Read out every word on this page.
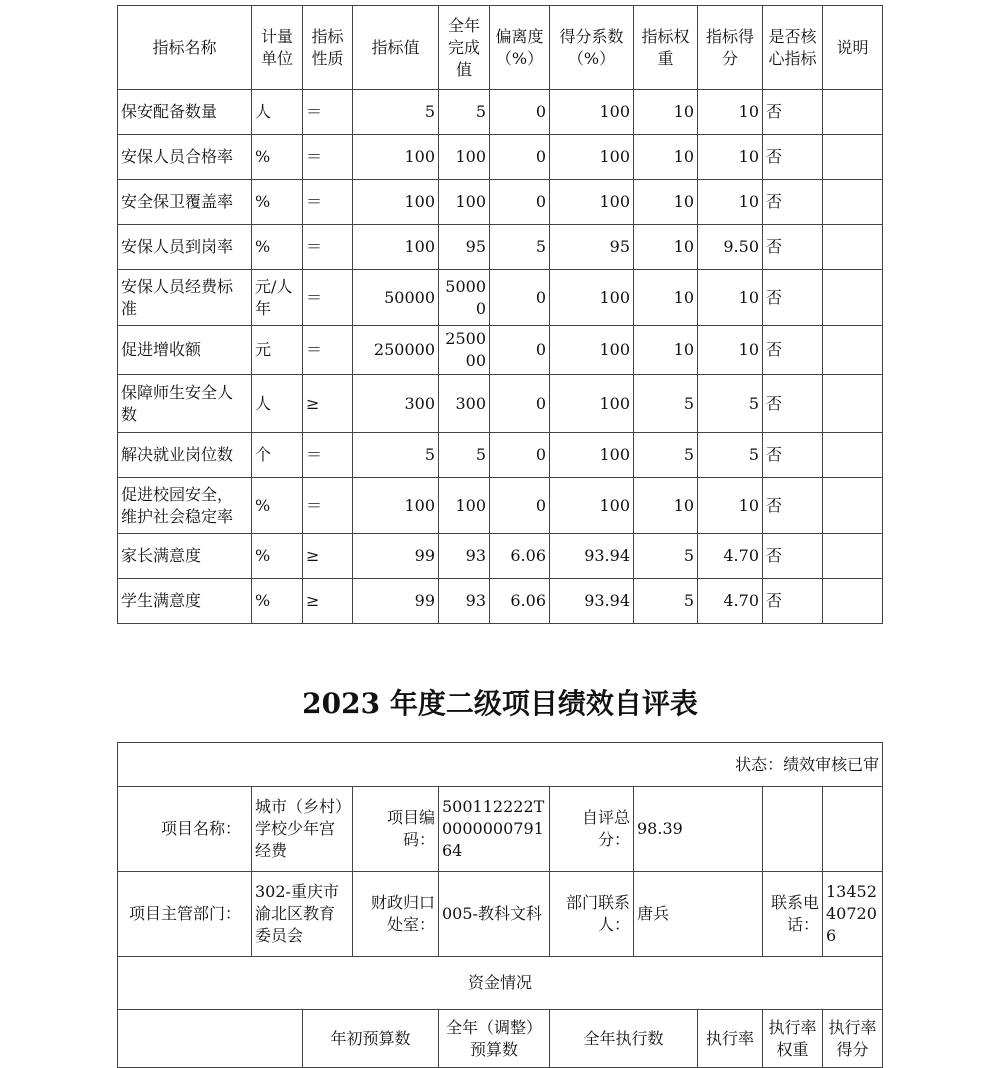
指标名称	计量单位	指标性质	指标值	全年完成值	偏离度（%）	得分系数（%）	指标权重	指标得分	是否核心指标	说明
保安配备数量	人	＝	5	5	0	100	10	10	否	
安保人员合格率	%	＝	100	100	0	100	10	10	否	
安全保卫覆盖率	%	＝	100	100	0	100	10	10	否	
安保人员到岗率	%	＝	100	95	5	95	10	9.50	否	
安保人员经费标准	元/人年	＝	50000	50000	0	100	10	10	否	
促进增收额	元	＝	250000	250000	0	100	10	10	否	
保障师生安全人数	人	≥	300	300	0	100	5	5	否	
解决就业岗位数	个	＝	5	5	0	100	5	5	否	
促进校园安全，维护社会稳定率	%	＝	100	100	0	100	10	10	否	
家长满意度	%	≥	99	93	6.06	93.94	5	4.70	否	
学生满意度	%	≥	99	93	6.06	93.94	5	4.70	否	
2023 年度二级项目绩效自评表
状态：绩效审核已审									
项目名称：	城市（乡村）学校少年宫经费		项目编码：	500112222T000000079164	自评总分：	98.39			
项目主管部门：	302-重庆市渝北区教育委员会		财政归口处室：	005-教科文科	部门联系人：	唐兵		联系电话：	13452407206
资金情况									
		年初预算数		全年（调整）预算数	全年执行数		执行率	执行率权重	执行率得分
